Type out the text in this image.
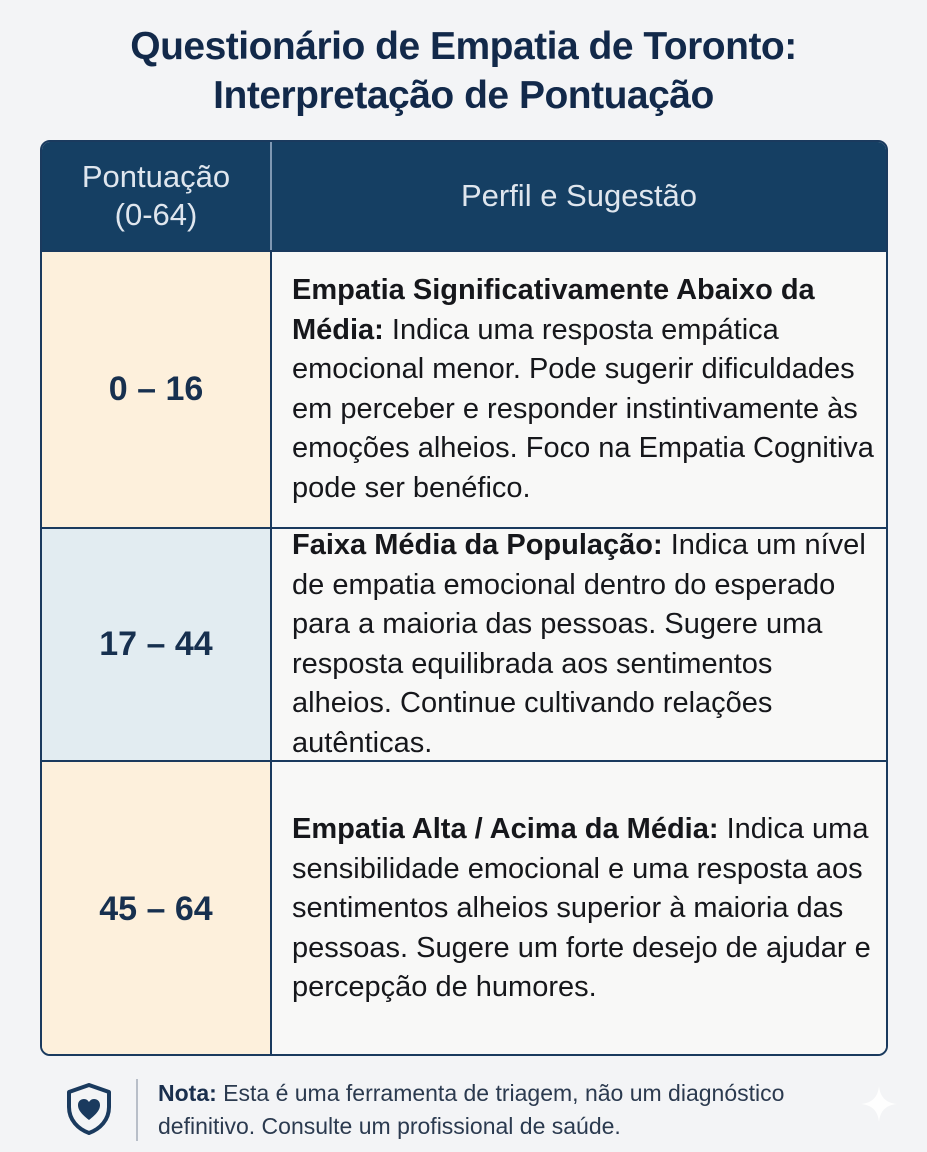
Questionário de Empatia de Toronto:
Interpretação de Pontuação
Pontuação
(0-64)
Perfil e Sugestão
0 – 16

Empatia Significativamente Abaixo da Média: Indica uma resposta empática emocional menor. Pode sugerir dificuldades em perceber e responder instintivamente às emoções alheios. Foco na Empatia Cognitiva pode ser benéfico.

17 – 44

Faixa Média da População: Indica um nível de empatia emocional dentro do esperado para a maioria das pessoas. Sugere uma resposta equilibrada aos sentimentos alheios. Continue cultivando relações autênticas.

45 – 64

Empatia Alta / Acima da Média: Indica uma sensibilidade emocional e uma resposta aos sentimentos alheios superior à maioria das pessoas. Sugere um forte desejo de ajudar e percepção de humores.

Nota: Esta é uma ferramenta de triagem, não um diagnóstico definitivo. Consulte um profissional de saúde.
